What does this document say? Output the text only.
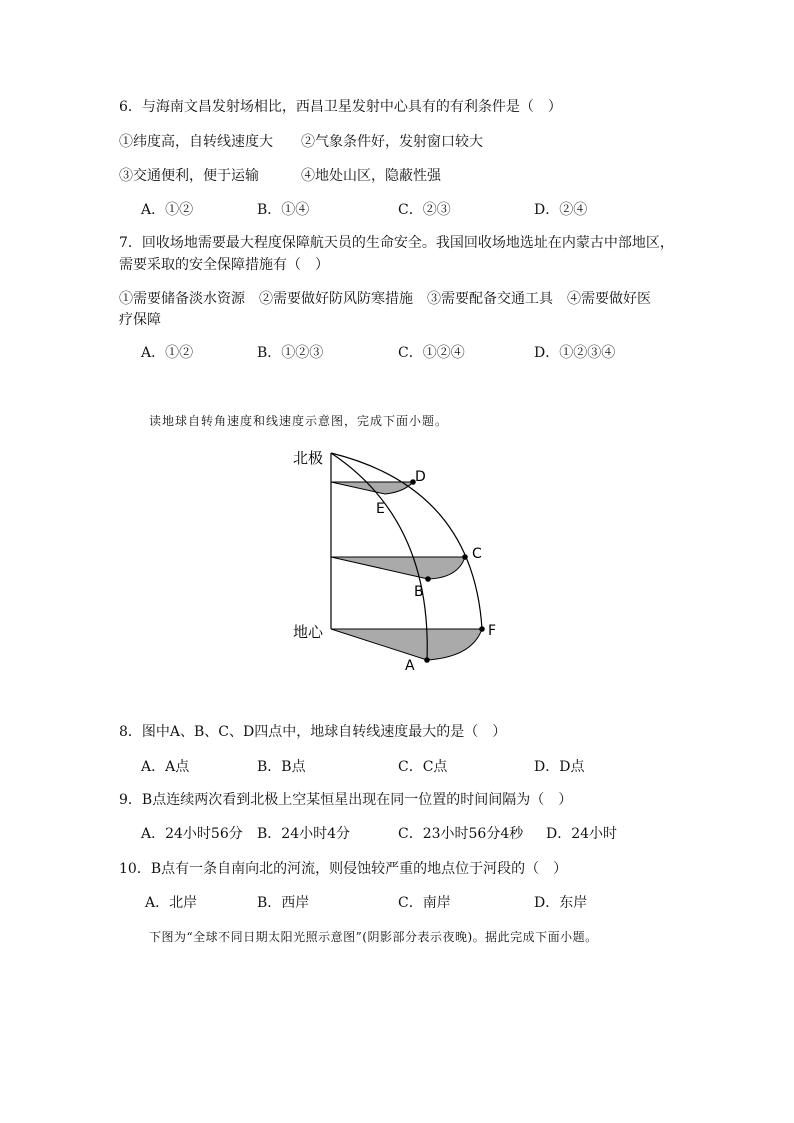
6．与海南文昌发射场相比，西昌卫星发射中心具有的有利条件是（　）
①纬度高，自转线速度大　　②气象条件好，发射窗口较大
③交通便利，便于运输　　　④地处山区，隐蔽性强
A．①②	B．①④	C．②③	D．②④
7．回收场地需要最大程度保障航天员的生命安全。我国回收场地选址在内蒙古中部地区，
需要采取的安全保障措施有（　）
①需要储备淡水资源　②需要做好防风防寒措施　③需要配备交通工具　④需要做好医
疗保障
A．①②	B．①②③	C．①②④	D．①②③④
读地球自转角速度和线速度示意图，完成下面小题。
北极
地心
D
E
C
B
F
A
8．图中A、B、C、D四点中，地球自转线速度最大的是（　）
A．A点	B．B点	C．C点	D．D点
9．B点连续两次看到北极上空某恒星出现在同一位置的时间间隔为（　）
A．24小时56分 B．24小时4分	C．23小时56分4秒 D．24小时
10．B点有一条自南向北的河流，则侵蚀较严重的地点位于河段的（　）
A．北岸	B．西岸	C．南岸	D．东岸
下图为“全球不同日期太阳光照示意图”(阴影部分表示夜晚)。据此完成下面小题。
